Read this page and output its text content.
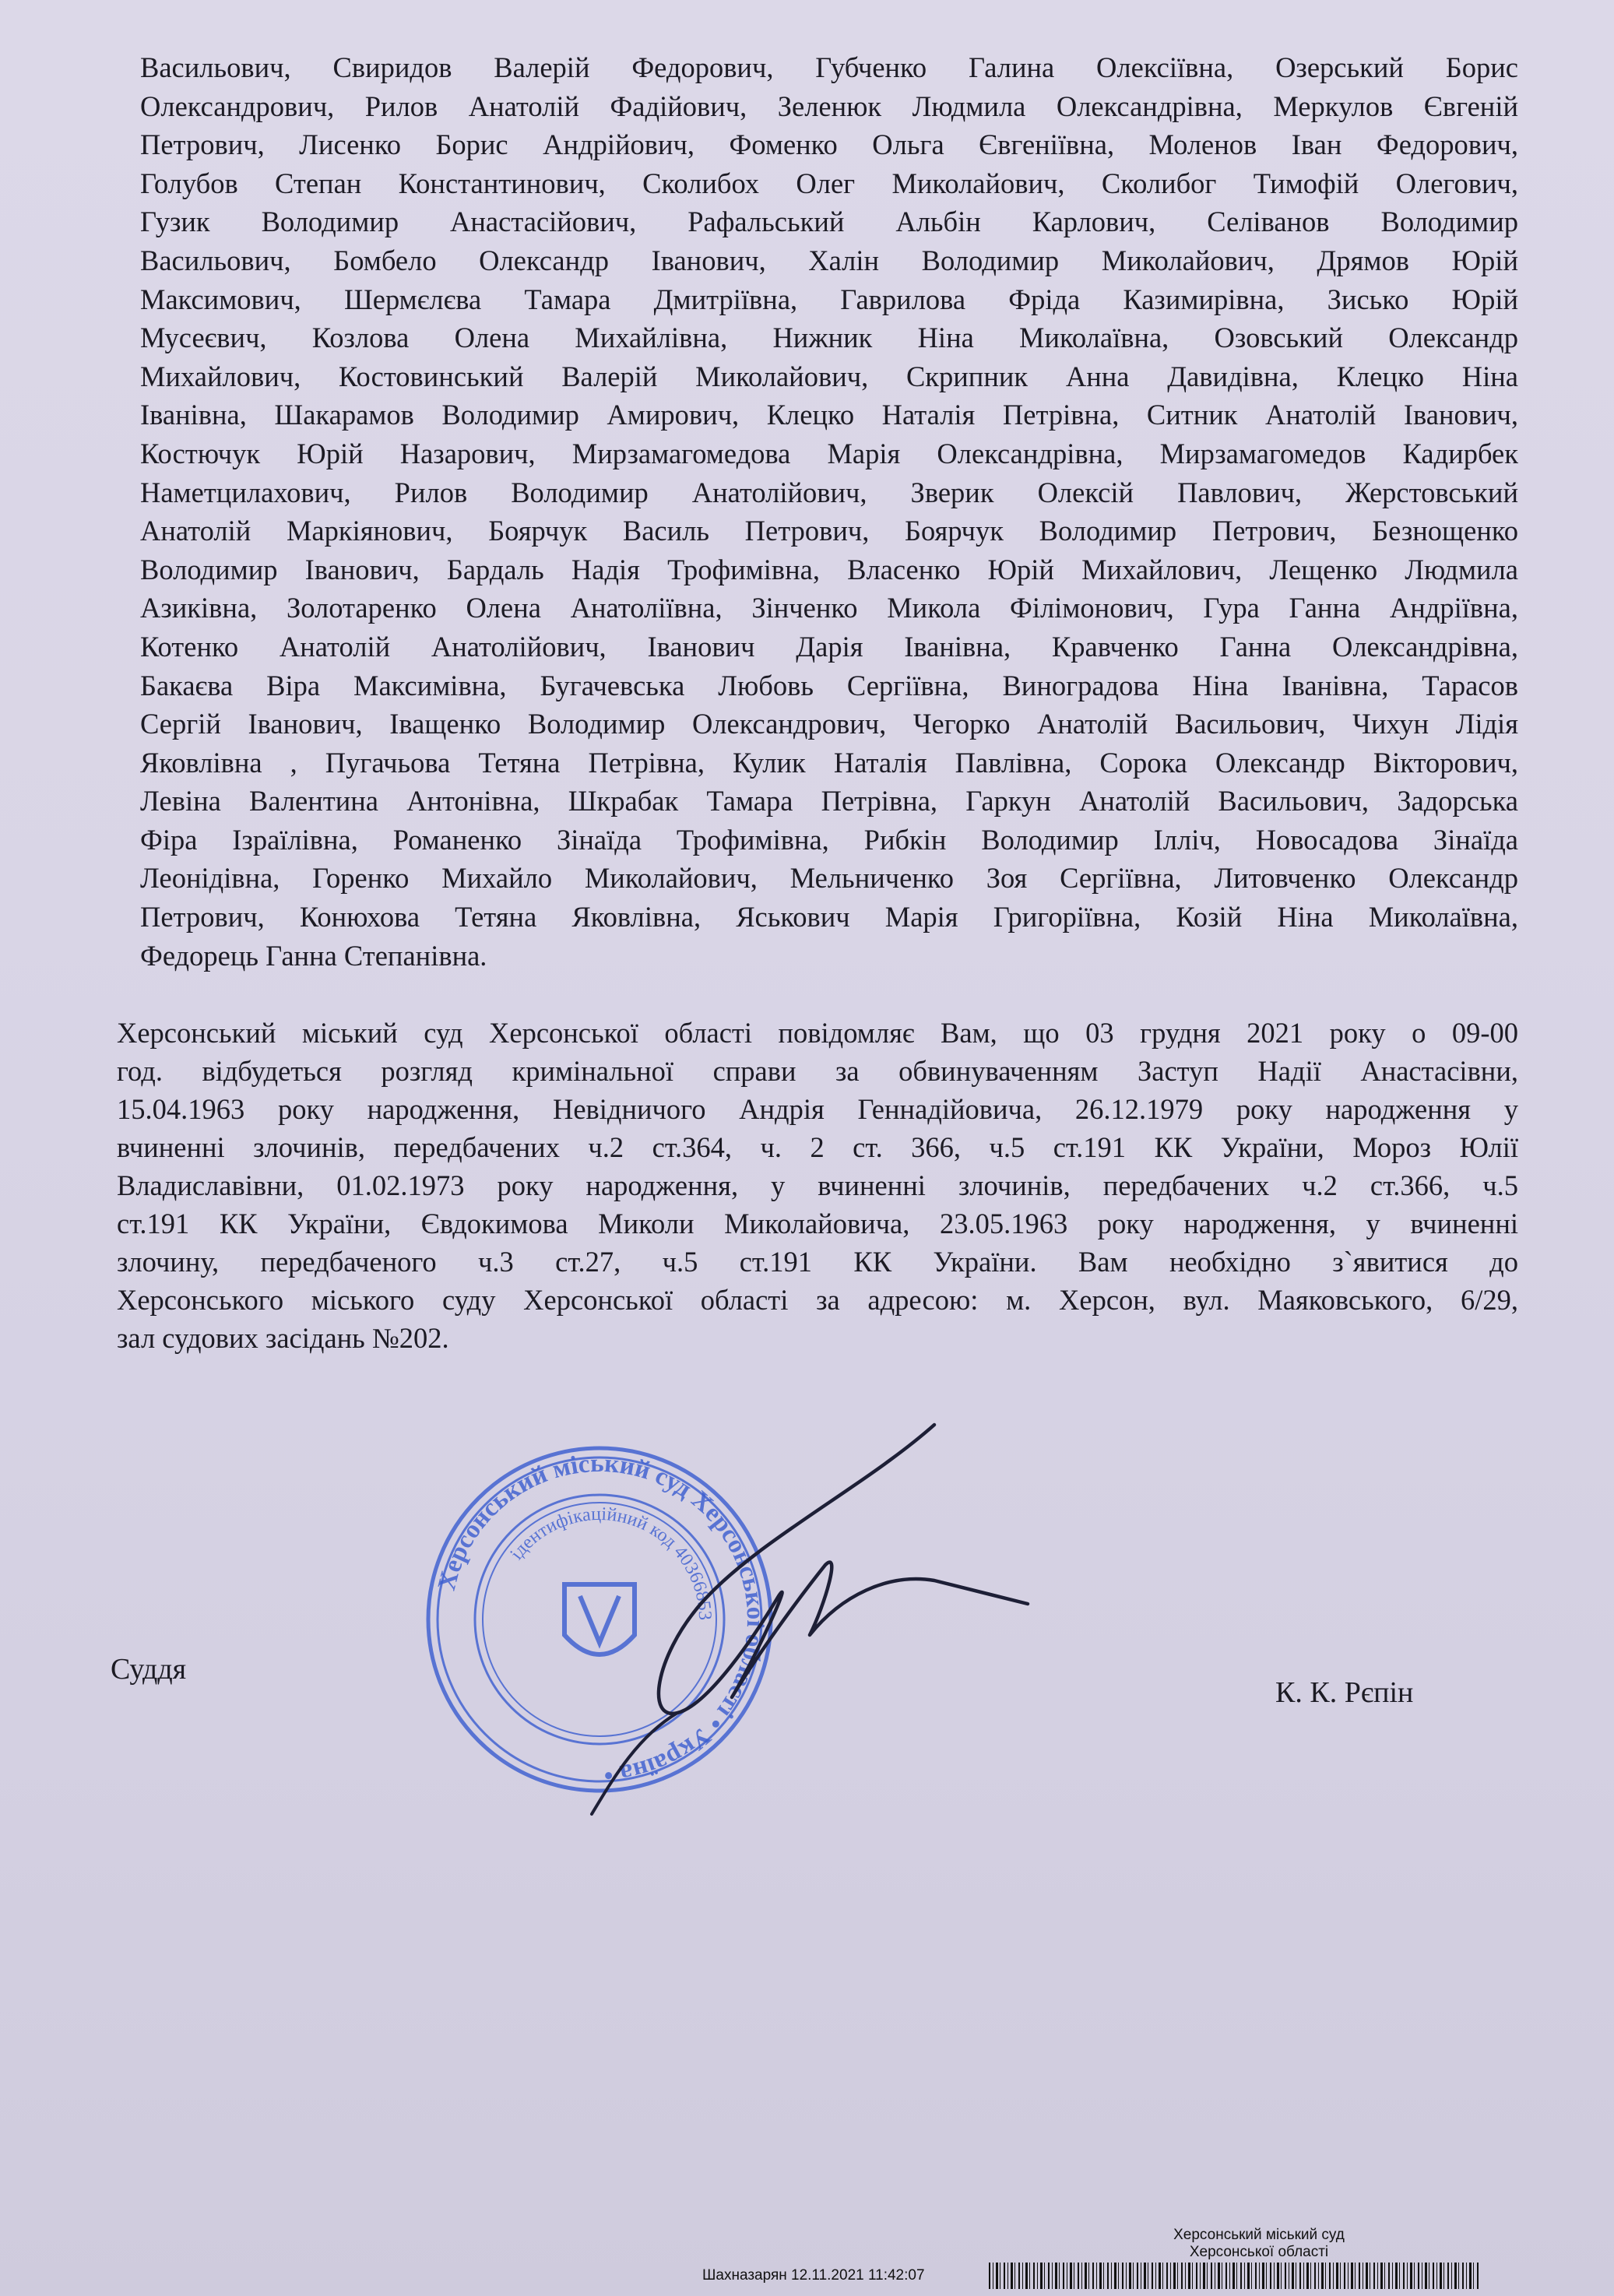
Васильович, Свиридов Валерій Федорович, Губченко Галина Олексіївна, Озерський Борис
Олександрович, Рилов Анатолій Фадійович, Зеленюк Людмила Олександрівна, Меркулов Євгеній
Петрович, Лисенко Борис Андрійович, Фоменко Ольга Євгеніївна, Моленов Іван Федорович,
Голубов Степан Константинович, Сколибох Олег Миколайович, Сколибог Тимофій Олегович,
Гузик Володимир Анастасійович, Рафальський Альбін Карлович, Селіванов Володимир
Васильович, Бомбело Олександр Іванович, Халін Володимир Миколайович, Дрямов Юрій
Максимович, Шермєлєва Тамара Дмитріївна, Гаврилова Фріда Казимирівна, Зисько Юрій
Мусеєвич, Козлова Олена Михайлівна, Нижник Ніна Миколаївна, Озовський Олександр
Михайлович, Костовинський Валерій Миколайович, Скрипник Анна Давидівна, Клецко Ніна
Іванівна, Шакарамов Володимир Амирович, Клецко Наталія Петрівна, Ситник Анатолій Іванович,
Костючук Юрій Назарович, Мирзамагомедова Марія Олександрівна, Мирзамагомедов Кадирбек
Наметцилахович, Рилов Володимир Анатолійович, Зверик Олексій Павлович, Жерстовський
Анатолій Маркіянович, Боярчук Василь Петрович, Боярчук Володимир Петрович, Безнощенко
Володимир Іванович, Бардаль Надія Трофимівна, Власенко Юрій Михайлович, Лещенко Людмила
Азиківна, Золотаренко Олена Анатоліївна, Зінченко Микола Філімонович, Гура Ганна Андріївна,
Котенко Анатолій Анатолійович, Іванович Дарія Іванівна, Кравченко Ганна Олександрівна,
Бакаєва Віра Максимівна, Бугачевська Любовь Сергіївна, Виноградова Ніна Іванівна, Тарасов
Сергій Іванович, Іващенко Володимир Олександрович, Чегорко Анатолій Васильович, Чихун Лідія
Яковлівна , Пугачьова Тетяна Петрівна, Кулик Наталія Павлівна, Сорока Олександр Вікторович,
Левіна Валентина Антонівна, Шкрабак Тамара Петрівна, Гаркун Анатолій Васильович, Задорська
Фіра Ізраїлівна, Романенко Зінаїда Трофимівна, Рибкін Володимир Ілліч, Новосадова Зінаїда
Леонідівна, Горенко Михайло Миколайович, Мельниченко Зоя Сергіївна, Литовченко Олександр
Петрович, Конюхова Тетяна Яковлівна, Яськович Марія Григоріївна, Козій Ніна Миколаївна,
Федорець Ганна Степанівна.
Херсонський міський суд Херсонської області повідомляє Вам, що 03 грудня 2021 року о 09-00
год. відбудеться розгляд кримінальної справи за обвинуваченням Заступ Надії Анастасівни,
15.04.1963 року народження, Невідничого Андрія Геннадійовича, 26.12.1979 року народження у
вчиненні злочинів, передбачених ч.2 ст.364, ч. 2 ст. 366, ч.5 ст.191 КК України, Мороз Юлії
Владиславівни, 01.02.1973 року народження, у вчиненні злочинів, передбачених ч.2 ст.366, ч.5
ст.191 КК України, Євдокимова Миколи Миколайовича, 23.05.1963 року народження, у вчиненні
злочину, передбаченого ч.3 ст.27, ч.5 ст.191 КК України. Вам необхідно з`явитися до
Херсонського міського суду Херсонської області за адресою: м. Херсон, вул. Маяковського, 6/29,
зал судових засідань №202.
Херсонський міський суд Херсонської області • Україна •
ідентифікаційний код 40366853
Суддя
К. К. Рєпін
Херсонський міський суд
Херсонської області
Шахназарян 12.11.2021 11:42:07
